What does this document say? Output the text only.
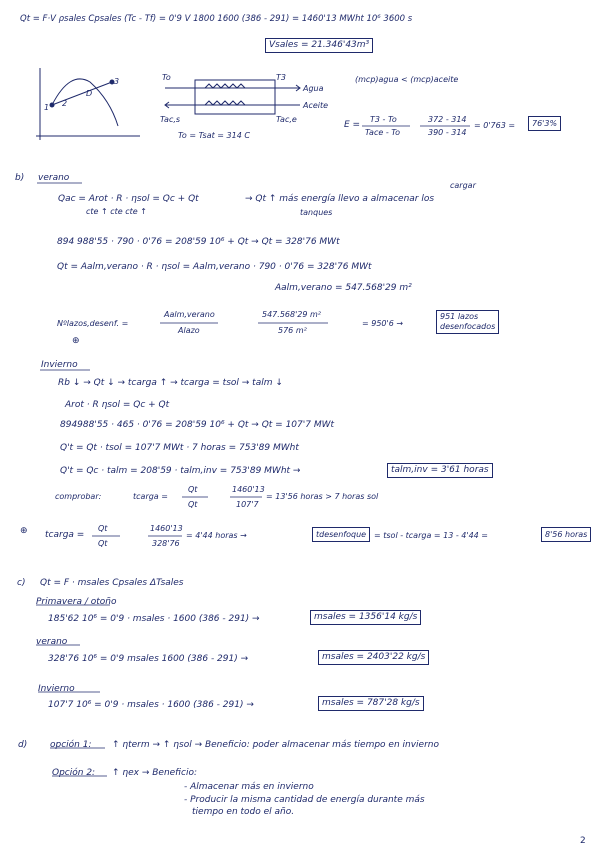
Qt = F·V ρsales Cpsales (Tc - Tf) = 0'9 V 1800 1600 (386 - 291) = 1460'13 MWht 10⁶ 3600 s
Vsales = 21.346'43m³
1 2
3
D
To	T3
Tac,s	Tac,e
Agua
Aceite
To = Tsat = 314 C
(mcp)agua < (mcp)aceite
E =
T3 - To
Tace - To
372 - 314
390 - 314
= 0'763 =	76'3%
b) verano
cargar
Qac = Arot · R · ηsol = Qc + Qt
cte ↑ cte cte ↑
→ Qt ↑ más energía llevo a almacenar los
tanques
894 988'55 · 790 · 0'76 = 208'59 10⁶ + Qt → Qt = 328'76 MWt
Qt = Aalm,verano · R · ηsol = Aalm,verano · 790 · 0'76 = 328'76 MWt
Aalm,verano = 547.568'29 m²
Nºlazos,desenf. =
Aalm,verano
Alazo
547.568'29 m²
576 m²
= 950'6 →
951 lazos
desenfocados
⊕
Invierno
Rb ↓ → Qt ↓ → tcarga ↑ → tcarga = tsol → talm ↓
Arot · R ηsol = Qc + Qt
894988'55 · 465 · 0'76 = 208'59 10⁶ + Qt → Qt = 107'7 MWt
Q't = Qt · tsol = 107'7 MWt · 7 horas = 753'89 MWht
Q't = Qc · talm = 208'59 · talm,inv = 753'89 MWht →	talm,inv = 3'61 horas
comprobar:	tcarga =
Qt
Qt
1460'13
107'7
= 13'56 horas > 7 horas sol
⊕ tcarga =
Qt
Qt
1460'13
328'76
= 4'44 horas →	tdesenfoque = tsol - tcarga = 13 - 4'44 =	8'56 horas
c) Qt = F · msales Cpsales ΔTsales
Primavera / otoño
185'62 10⁶ = 0'9 · msales · 1600 (386 - 291) →	msales = 1356'14 kg/s
verano
328'76 10⁶ = 0'9 msales 1600 (386 - 291) →	msales = 2403'22 kg/s
Invierno
107'7 10⁶ = 0'9 · msales · 1600 (386 - 291) →	msales = 787'28 kg/s
d)	opción 1: ↑ ηterm → ↑ ηsol → Beneficio: poder almacenar más tiempo en invierno
Opción 2: ↑ ηex → Beneficio:
- Almacenar más en invierno
- Producir la misma cantidad de energía durante más
tiempo en todo el año.
2
